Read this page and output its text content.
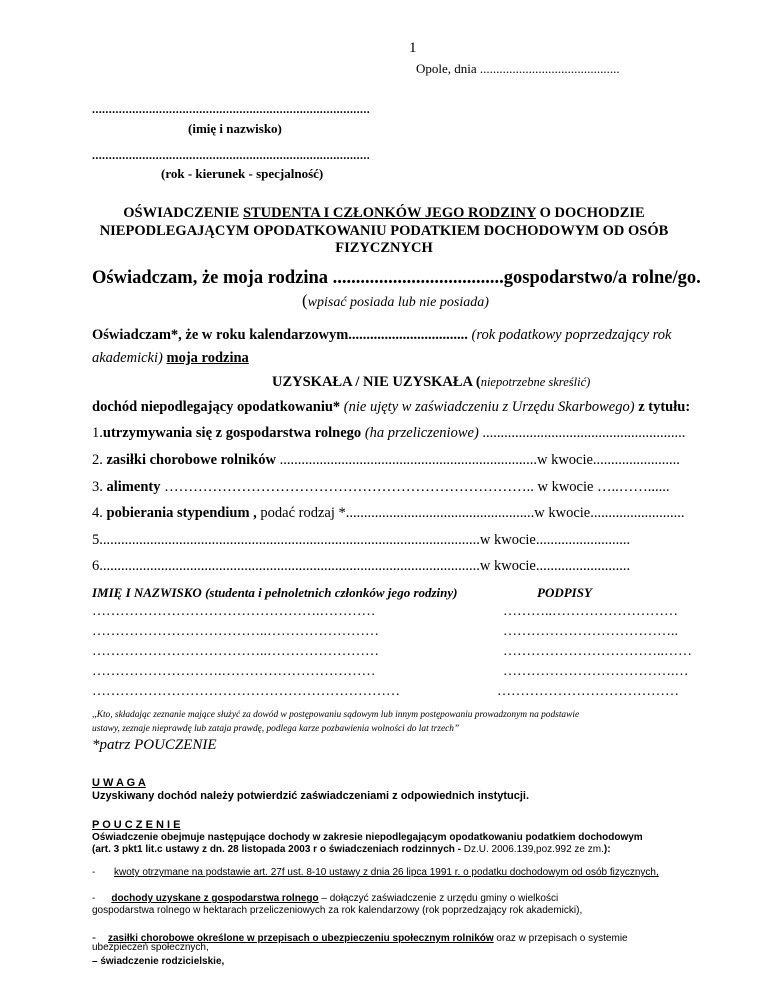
1
Opole, dnia ...........................................
...................................................................................
(imię i nazwisko)
...................................................................................
(rok - kierunek - specjalność)
OŚWIADCZENIE STUDENTA I CZŁONKÓW JEGO RODZINY O DOCHODZIE
NIEPODLEGAJĄCYM OPODATKOWANIU PODATKIEM DOCHODOWYM OD OSÓB
FIZYCZNYCH
Oświadczam, że moja rodzina .....................................gospodarstwo/a rolne/go.
(wpisać posiada lub nie posiada)
Oświadczam*, że w roku kalendarzowym................................. (rok podatkowy poprzedzający rok
akademicki) moja rodzina
UZYSKAŁA / NIE UZYSKAŁA (niepotrzebne skreślić)
dochód niepodlegający opodatkowaniu* (nie ujęty w zaświadczeniu z Urzędu Skarbowego) z tytułu:
1.utrzymywania się z gospodarstwa rolnego (ha przeliczeniowe) ........................................................
2. zasiłki chorobowe rolników .......................................................................w kwocie........................
3. alimenty ………………………………………………………………….. w kwocie …..……......
4. pobierania stypendium , podać rodzaj *....................................................w kwocie..........................
5.........................................................................................................w kwocie..........................
6.........................................................................................................w kwocie..........................
IMIĘ I NAZWISKO (studenta i pełnoletnich członków jego rodziny)	PODPISY
………………………………………….…………	………..………………………
………………………………..……………………	………………………………..
………………………………..……………………	……………………………..……
……………………….……………………………	……………………………….…
…………………………………………………………	…………………………………
,,Kto, składając zeznanie mające służyć za dowód w postępowaniu sądowym lub innym postępowaniu prowadzonym na podstawie
ustawy, zeznaje nieprawdę lub zataja prawdę, podlega karze pozbawienia wolności do lat trzech”
*patrz POUCZENIE
U W A G A
Uzyskiwany dochód należy potwierdzić zaświadczeniami z odpowiednich instytucji.
P O U C Z E N I E
Oświadczenie obejmuje następujące dochody w zakresie niepodlegającym opodatkowaniu podatkiem dochodowym
(art. 3 pkt1 lit.c ustawy z dn. 28 listopada 2003 r o świadczeniach rodzinnych - Dz.U. 2006.139,poz.992 ze zm.):
- kwoty otrzymane na podstawie art. 27f ust. 8-10 ustawy z dnia 26 lipca 1991 r. o podatku dochodowym od osób fizycznych,
- dochody uzyskane z gospodarstwa rolnego – dołączyć zaświadczenie z urzędu gminy o wielkości
gospodarstwa rolnego w hektarach przeliczeniowych za rok kalendarzowy (rok poprzedzający rok akademicki),
- zasiłki chorobowe określone w przepisach o ubezpieczeniu społecznym rolników oraz w przepisach o systemie
ubezpieczeń społecznych,
– świadczenie rodzicielskie,
